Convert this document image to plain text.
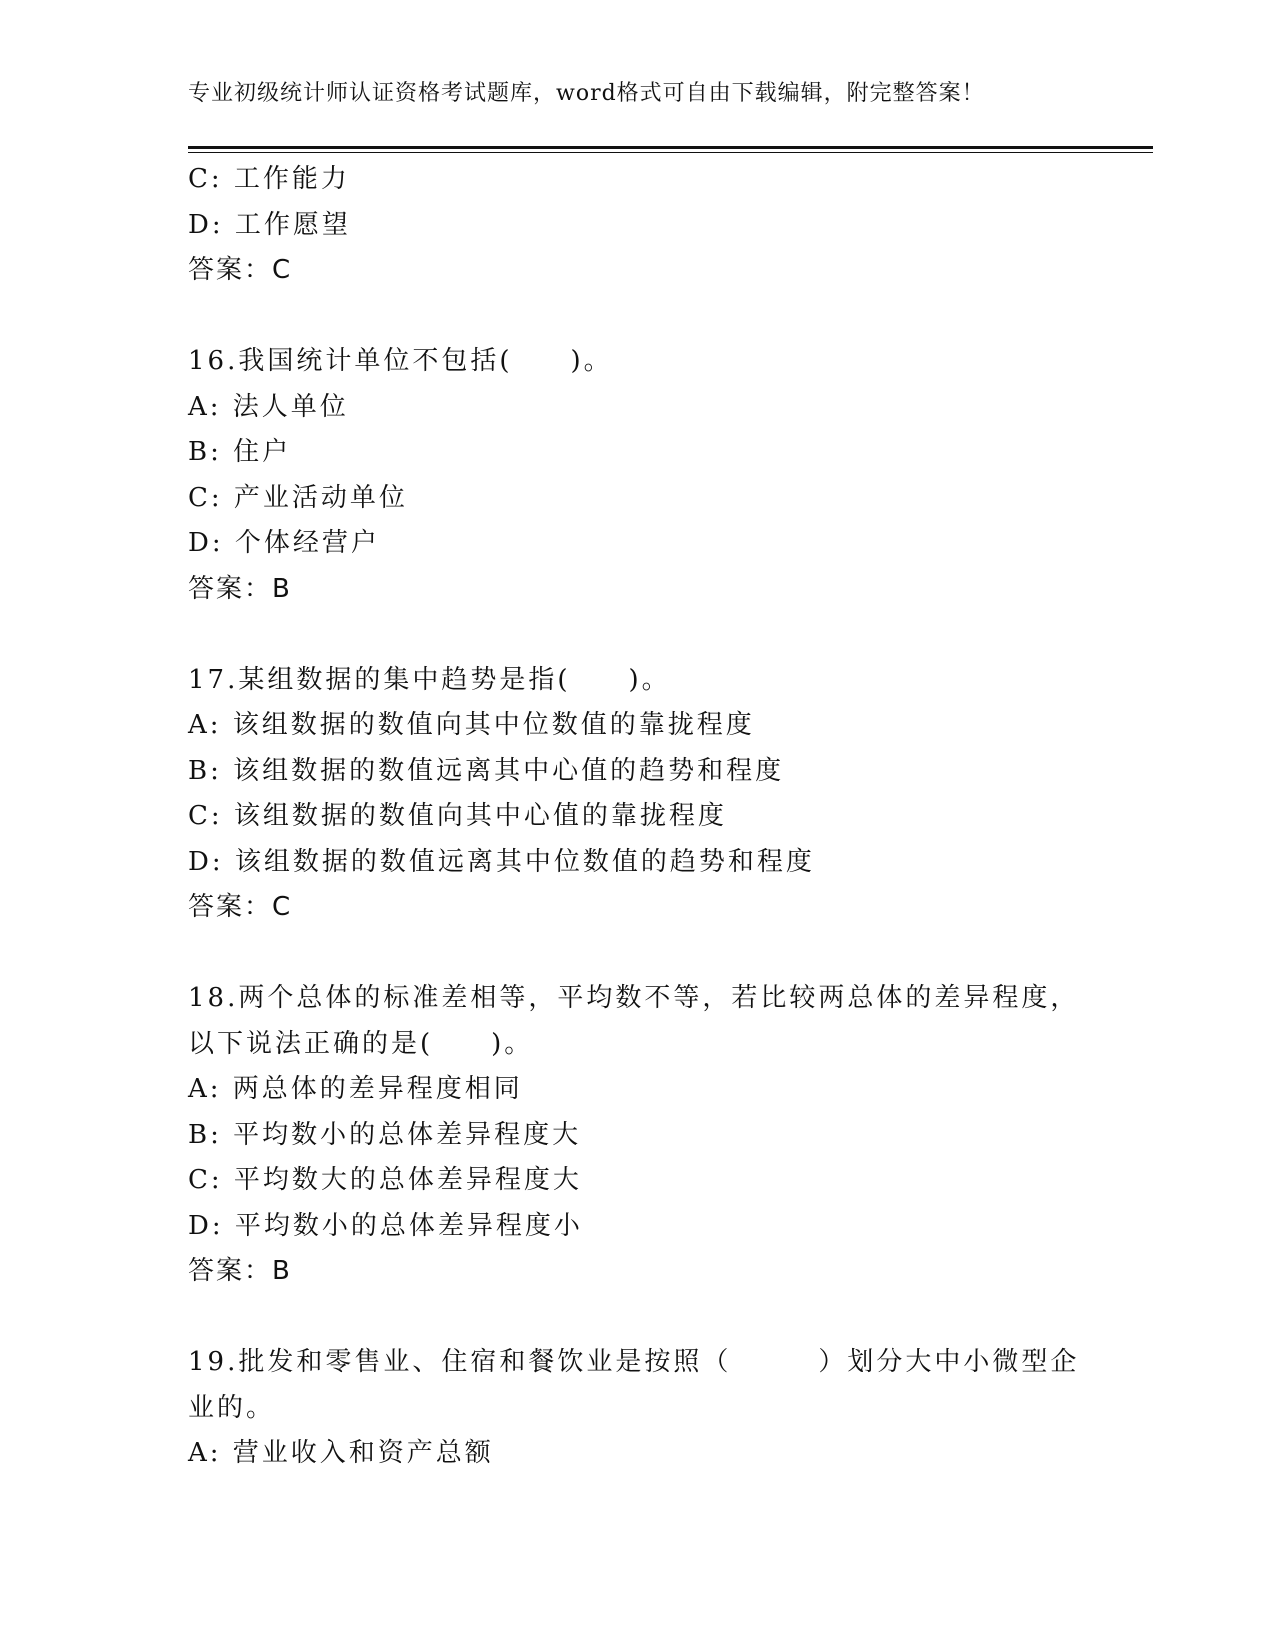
专业初级统计师认证资格考试题库，word格式可自由下载编辑，附完整答案！
C: 工作能力
D: 工作愿望
答案：C
16.我国统计单位不包括(　　)。
A: 法人单位
B: 住户
C: 产业活动单位
D: 个体经营户
答案：B
17.某组数据的集中趋势是指(　　)。
A: 该组数据的数值向其中位数值的靠拢程度
B: 该组数据的数值远离其中心值的趋势和程度
C: 该组数据的数值向其中心值的靠拢程度
D: 该组数据的数值远离其中位数值的趋势和程度
答案：C
18.两个总体的标准差相等，平均数不等，若比较两总体的差异程度，
以下说法正确的是(　　)。
A: 两总体的差异程度相同
B: 平均数小的总体差异程度大
C: 平均数大的总体差异程度大
D: 平均数小的总体差异程度小
答案：B
19.批发和零售业、住宿和餐饮业是按照（　　　）划分大中小微型企
业的。
A: 营业收入和资产总额
